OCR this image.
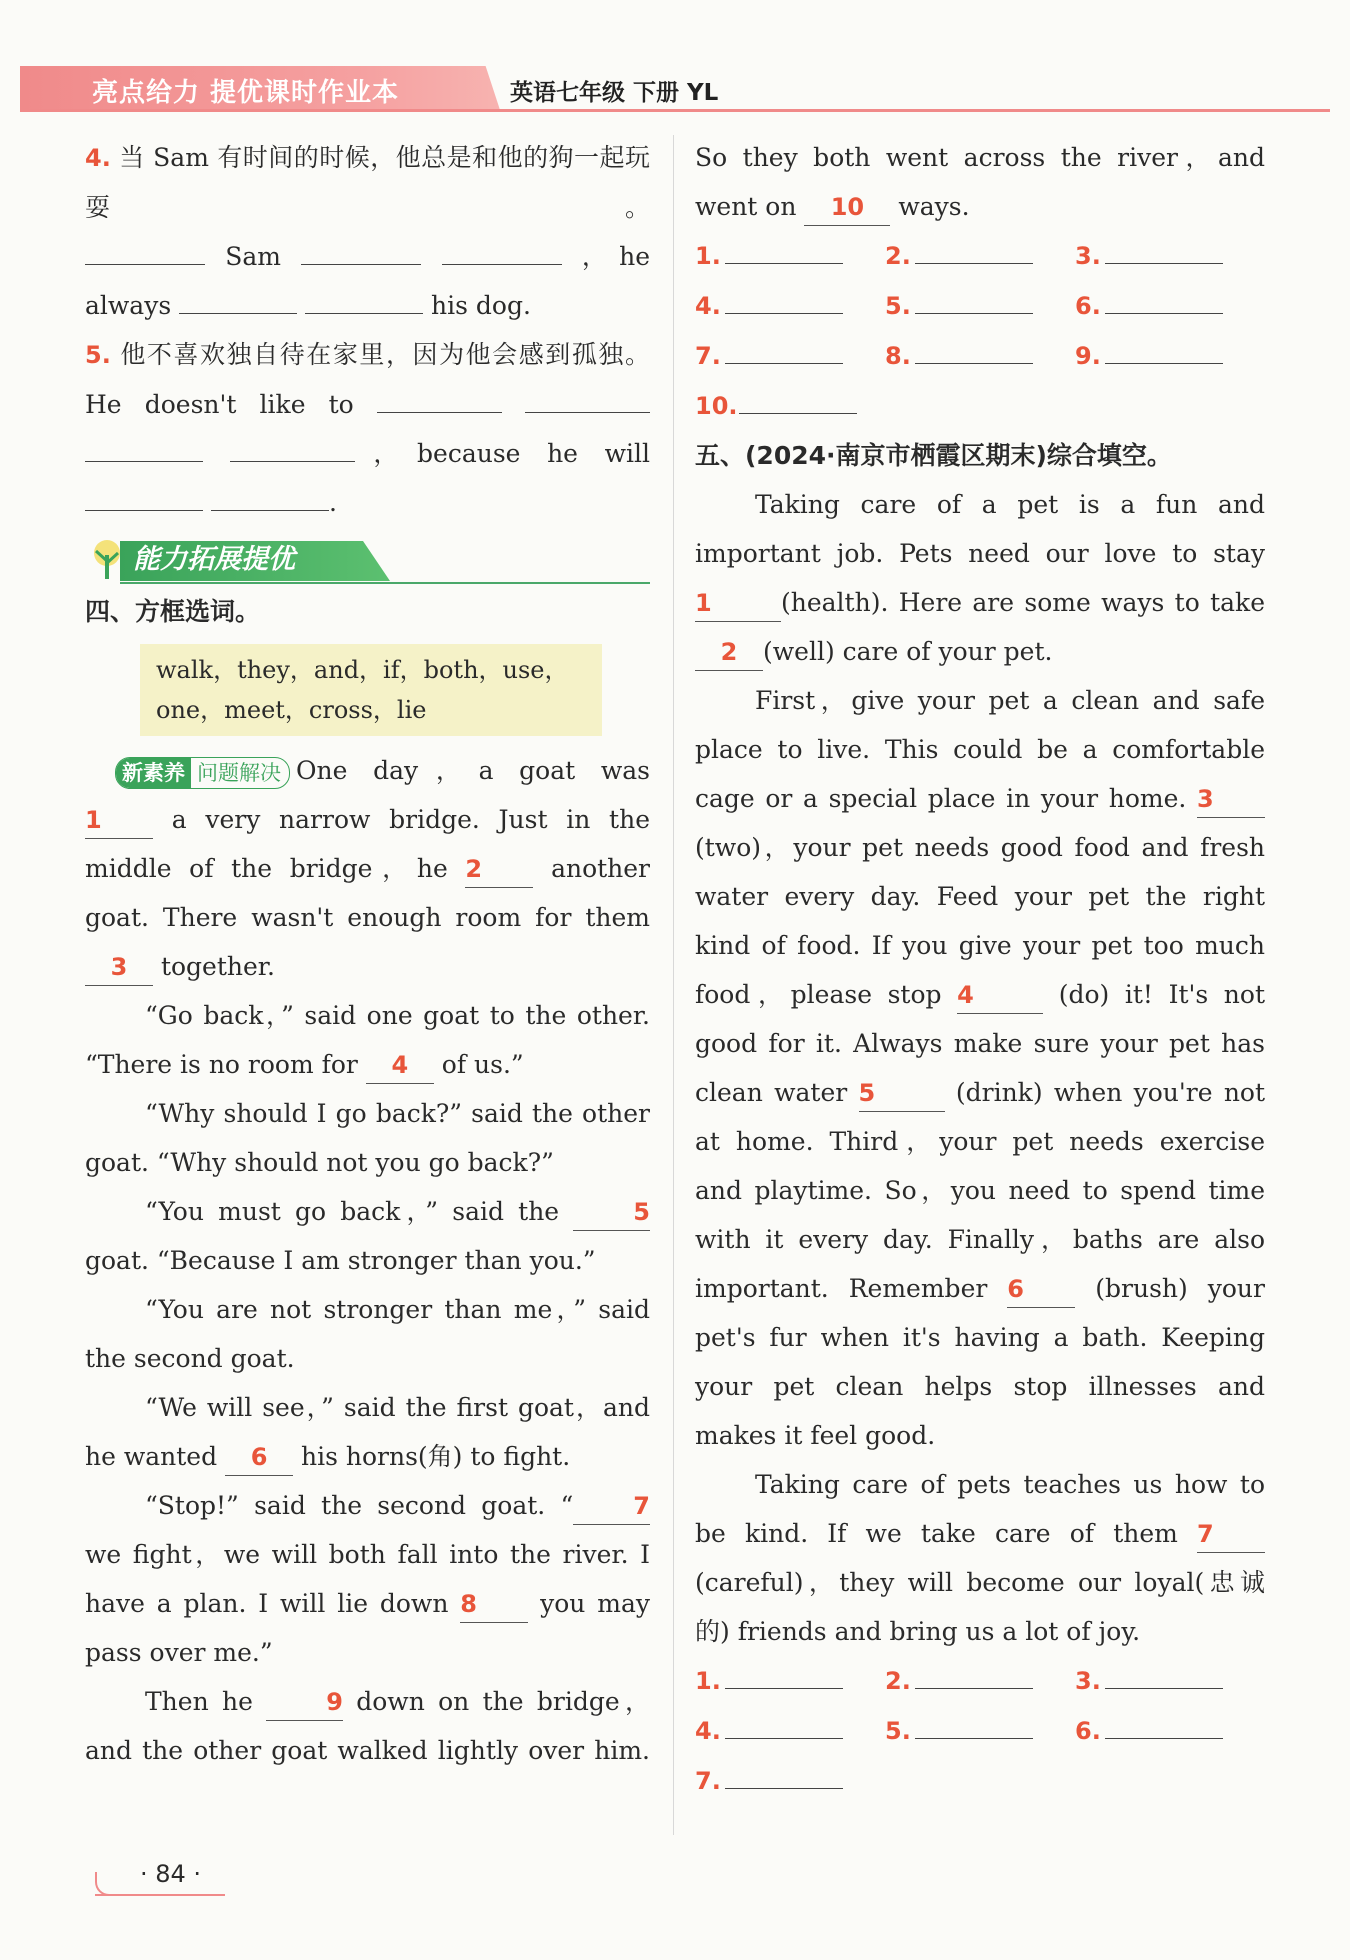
亮点给力 提优课时作业本	英语七年级 下册 YL

4. 当 Sam 有时间的时候，他总是和他的狗一起玩耍。

Sam	，he

always	his dog.

5. 他不喜欢独自待在家里，因为他会感到孤独。

He doesn't like to

，because he will

.

能力拓展提优

四、方框选词。

walk，they，and，if，both，use，
one，meet，cross，lie

新素养 问题解决 One day，a goat was

1	a very narrow bridge. Just in the

middle of the bridge，he 2	another

goat. There wasn't enough room for them

3 together.

“Go back，” said one goat to the other.

“There is no room for 4 of us.”

“Why should I go back?” said the other

goat. “Why should not you go back?”

“You must go back，” said the	5

goat. “Because I am stronger than you.”

“You are not stronger than me，” said

the second goat.

“We will see，” said the first goat，and

he wanted 6 his horns(角) to fight.

“Stop!” said the second goat. “	7

we fight，we will both fall into the river. I

have a plan. I will lie down 8	you may

pass over me.”

Then he	9 down on the bridge，

and the other goat walked lightly over him.

So they both went across the river，and

went on 10 ways.

1.	2.	3.
4.	5.	6.
7.	8.	9.
10.

五、(2024·南京市栖霞区期末)综合填空。

Taking care of a pet is a fun and

important job. Pets need our love to stay

1	(health). Here are some ways to take

2 (well) care of your pet.

First，give your pet a clean and safe

place to live. This could be a comfortable

cage or a special place in your home. 3

(two)，your pet needs good food and fresh

water every day. Feed your pet the right

kind of food. If you give your pet too much

food，please stop 4	(do) it! It's not

good for it. Always make sure your pet has

clean water 5	(drink) when you're not

at home. Third，your pet needs exercise

and playtime. So，you need to spend time

with it every day. Finally，baths are also

important. Remember 6	(brush) your

pet's fur when it's having a bath. Keeping

your pet clean helps stop illnesses and

makes it feel good.

Taking care of pets teaches us how to

be kind. If we take care of them 7

(careful)，they will become our loyal(忠诚

的) friends and bring us a lot of joy.

1.	2.	3.
4.	5.	6.
7.
· 84 ·
